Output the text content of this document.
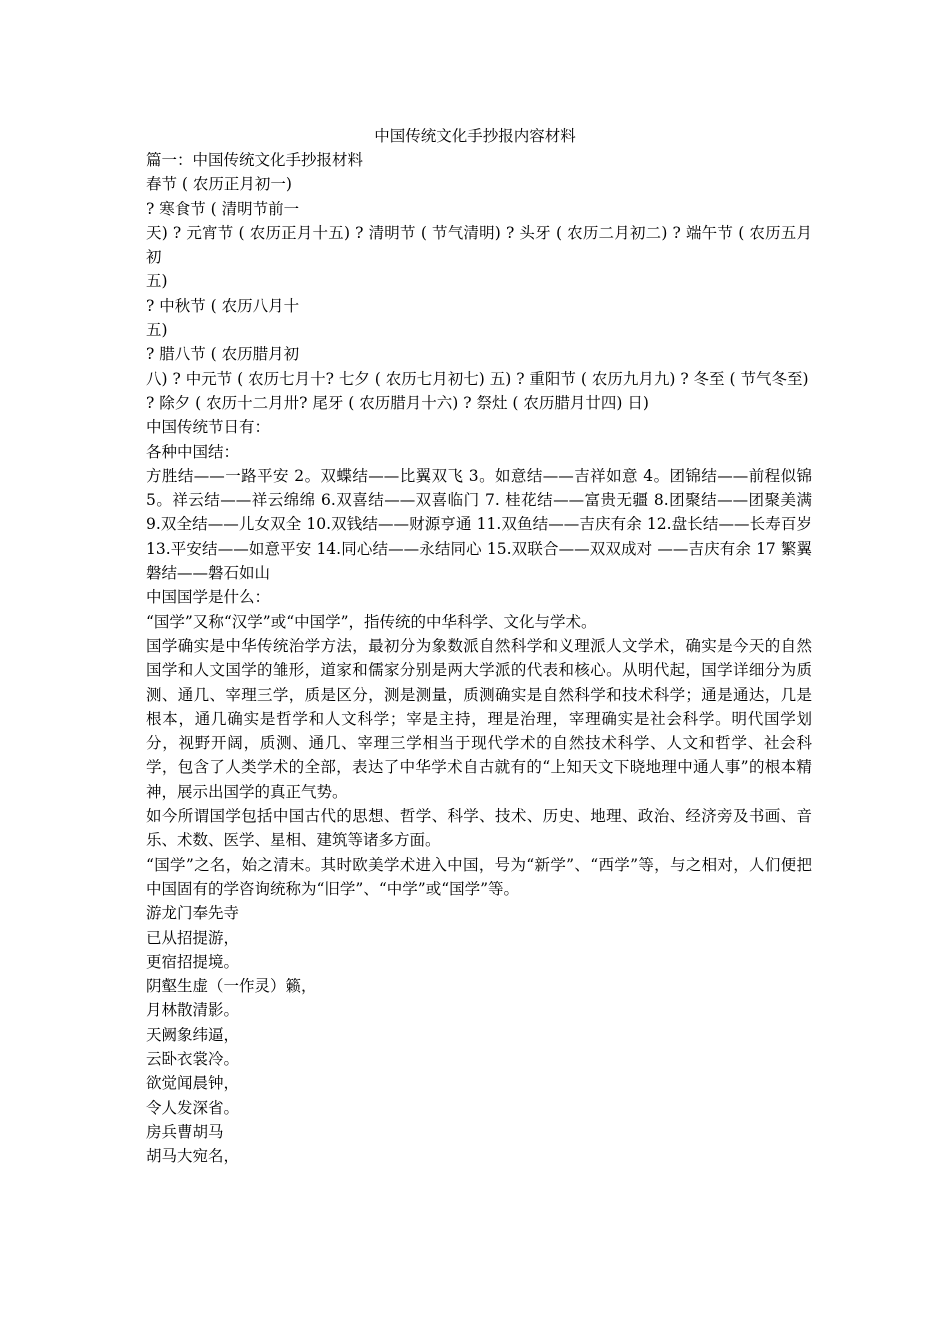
中国传统文化手抄报内容材料
篇一：中国传统文化手抄报材料
春节 ( 农历正月初一)
? 寒食节 ( 清明节前一
天) ? 元宵节 ( 农历正月十五) ? 清明节 ( 节气清明) ? 头牙 ( 农历二月初二) ? 端午节 ( 农历五月初
五)
? 中秋节 ( 农历八月十
五)
? 腊八节 ( 农历腊月初
八) ? 中元节 ( 农历七月十? 七夕 ( 农历七月初七) 五) ? 重阳节 ( 农历九月九) ? 冬至 ( 节气冬至)
? 除夕 ( 农历十二月卅? 尾牙 ( 农历腊月十六) ? 祭灶 ( 农历腊月廿四) 日)
中国传统节日有：
各种中国结：
方胜结——一路平安 2。双蝶结——比翼双飞 3。如意结——吉祥如意 4。团锦结——前程似锦 5。祥云结——祥云绵绵 6.双喜结——双喜临门 7. 桂花结——富贵无疆 8.团聚结——团聚美满 9.双全结——儿女双全 10.双钱结——财源亨通 11.双鱼结——吉庆有余 12.盘长结——长寿百岁 13.平安结——如意平安 14.同心结——永结同心 15.双联合——双双成对 ——吉庆有余 17 繁翼磐结——磐石如山
中国国学是什么：
“国学”又称“汉学”或“中国学”，指传统的中华科学、文化与学术。
国学确实是中华传统治学方法，最初分为象数派自然科学和义理派人文学术，确实是今天的自然国学和人文国学的雏形，道家和儒家分别是两大学派的代表和核心。从明代起，国学详细分为质测、通几、宰理三学，质是区分，测是测量，质测确实是自然科学和技术科学；通是通达，几是根本，通几确实是哲学和人文科学；宰是主持，理是治理，宰理确实是社会科学。明代国学划分，视野开阔，质测、通几、宰理三学相当于现代学术的自然技术科学、人文和哲学、社会科学，包含了人类学术的全部，表达了中华学术自古就有的“上知天文下晓地理中通人事”的根本精神，展示出国学的真正气势。
如今所谓国学包括中国古代的思想、哲学、科学、技术、历史、地理、政治、经济旁及书画、音乐、术数、医学、星相、建筑等诸多方面。
“国学”之名，始之清末。其时欧美学术进入中国，号为“新学”、“西学”等，与之相对，人们便把中国固有的学咨询统称为“旧学”、“中学”或“国学”等。
游龙门奉先寺
已从招提游，
更宿招提境。
阴壑生虚（一作灵）籁，
月林散清影。
天阙象纬逼，
云卧衣裳冷。
欲觉闻晨钟，
令人发深省。
房兵曹胡马
胡马大宛名，
